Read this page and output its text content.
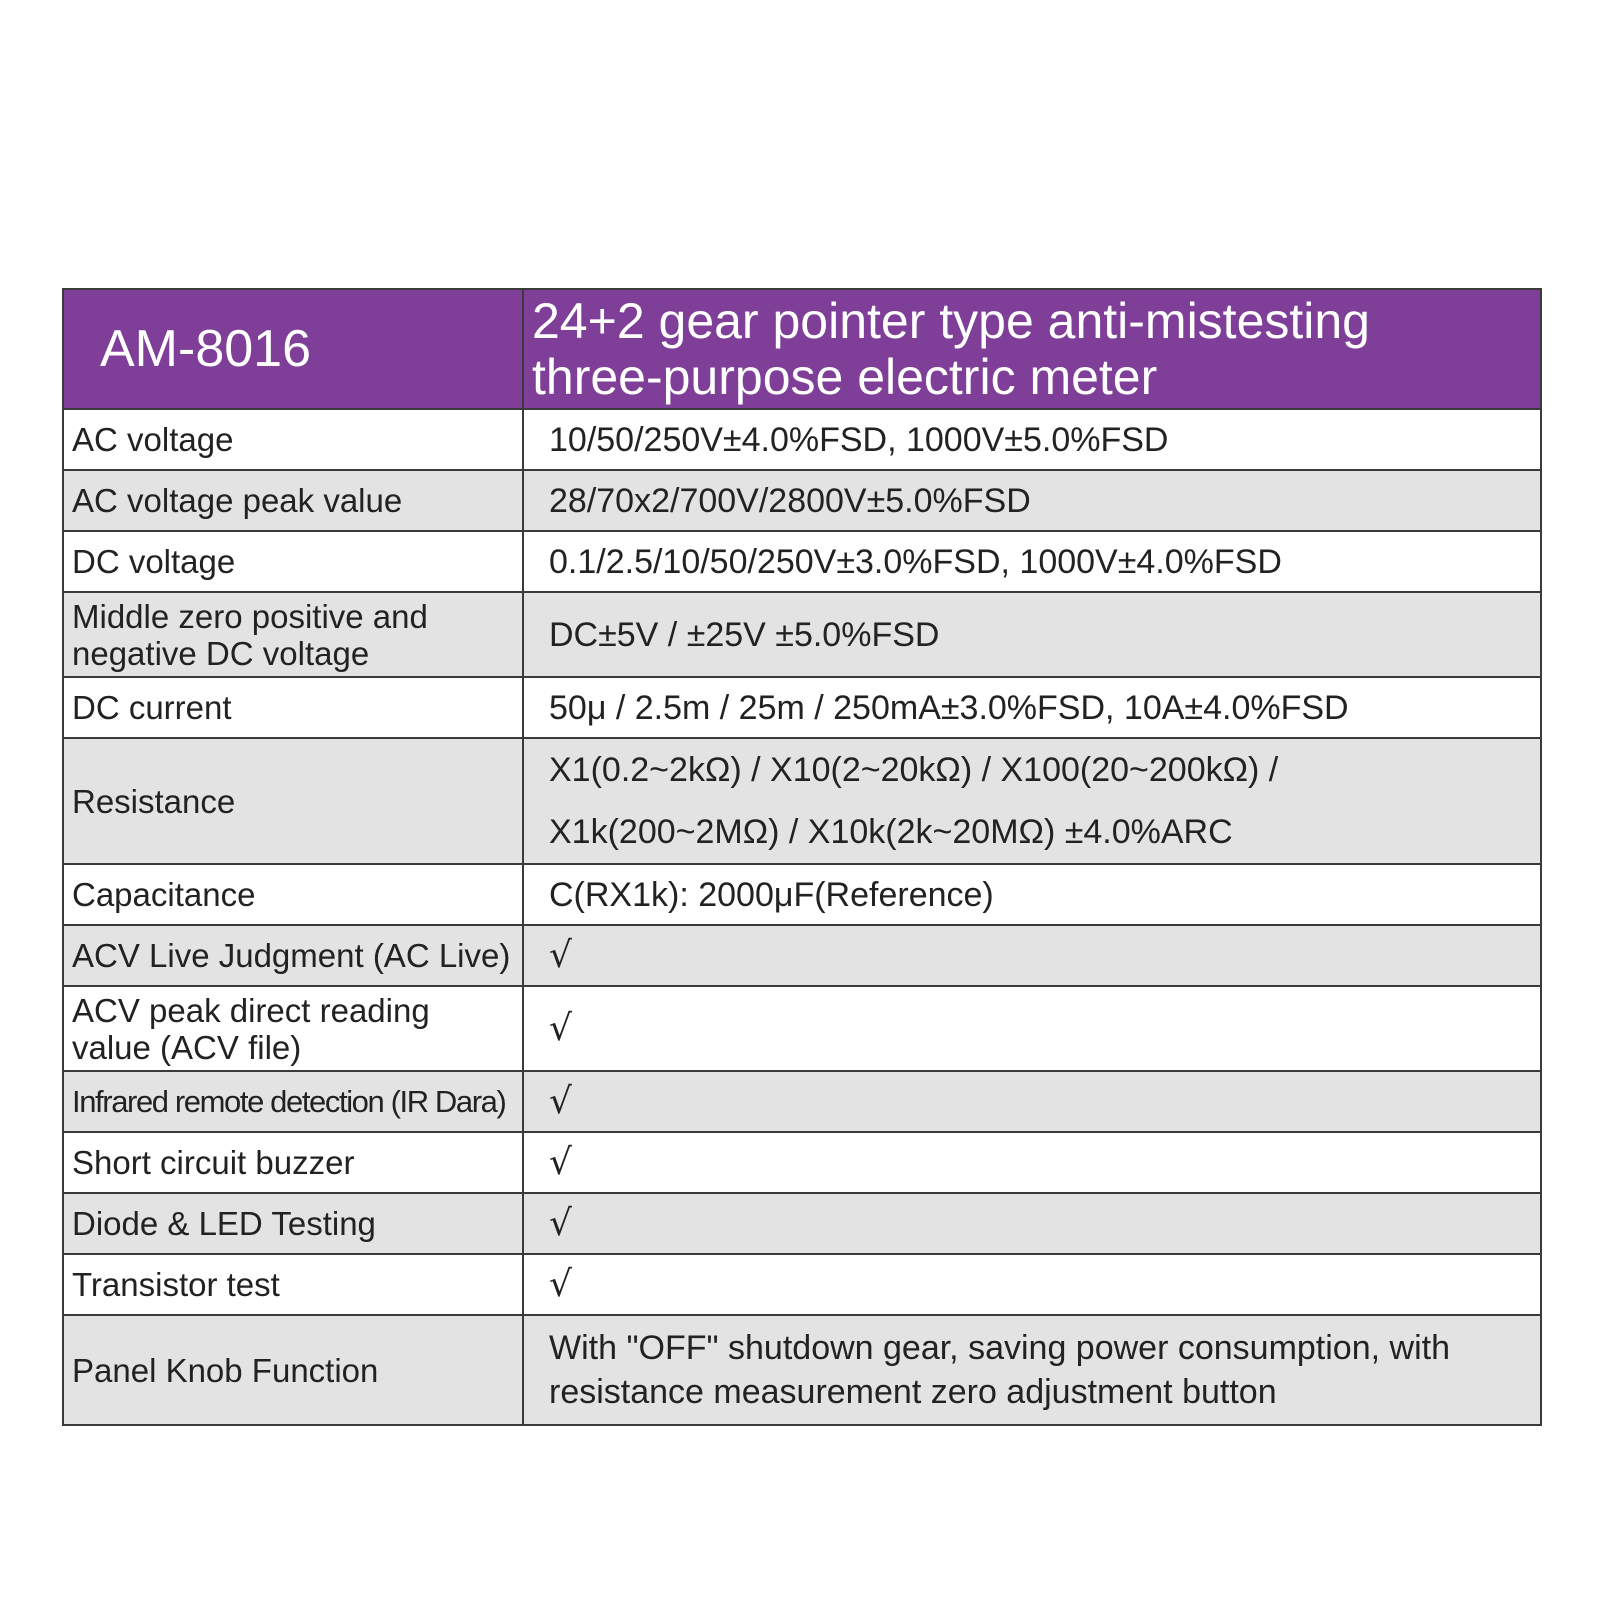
AM-8016	24+2 gear pointer type anti-mistesting
three-purpose electric meter

AC voltage	10/50/250V±4.0%FSD, 1000V±5.0%FSD
AC voltage peak value	28/70x2/700V/2800V±5.0%FSD
DC voltage	0.1/2.5/10/50/250V±3.0%FSD, 1000V±4.0%FSD

Middle zero positive and
negative DC voltage	DC±5V / ±25V ±5.0%FSD
DC current	50μ / 2.5m / 25m / 250mA±3.0%FSD, 10A±4.0%FSD
Resistance	X1(0.2~2kΩ) / X10(2~20kΩ) / X100(20~200kΩ) /
X1k(200~2MΩ) / X10k(2k~20MΩ) ±4.0%ARC

Capacitance	C(RX1k): 2000μF(Reference)
ACV Live Judgment (AC Live)	√

ACV peak direct reading
value (ACV file)	√
Infrared remote detection (IR Dara)	√
Short circuit buzzer	√
Diode & LED Testing	√
Transistor test	√
Panel Knob Function	With "OFF" shutdown gear, saving power consumption, with
resistance measurement zero adjustment button
